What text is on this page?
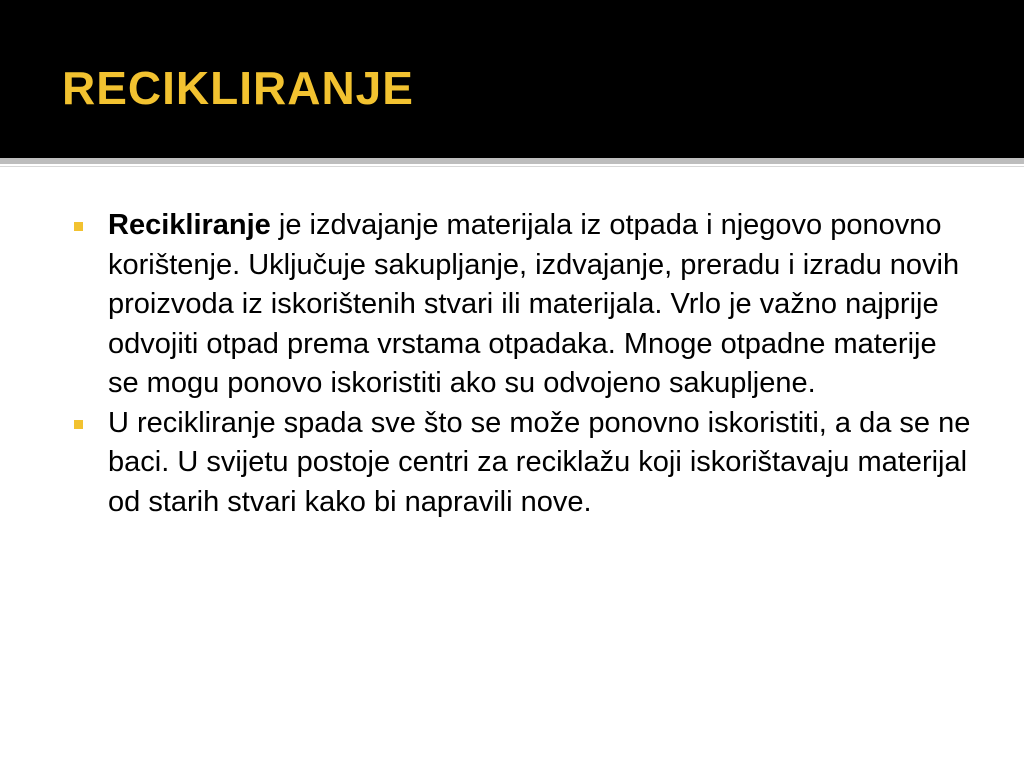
RECIKLIRANJE

Recikliranje je izdvajanje materijala iz otpada i njegovo ponovno korištenje. Uključuje sakupljanje, izdvajanje, preradu i izradu novih proizvoda iz iskorištenih stvari ili materijala. Vrlo je važno najprije odvojiti otpad prema vrstama otpadaka. Mnoge otpadne materije se mogu ponovo iskoristiti ako su odvojeno sakupljene.

U recikliranje spada sve što se može ponovno iskoristiti, a da se ne baci. U svijetu postoje centri za reciklažu koji iskorištavaju materijal od starih stvari kako bi napravili nove.
